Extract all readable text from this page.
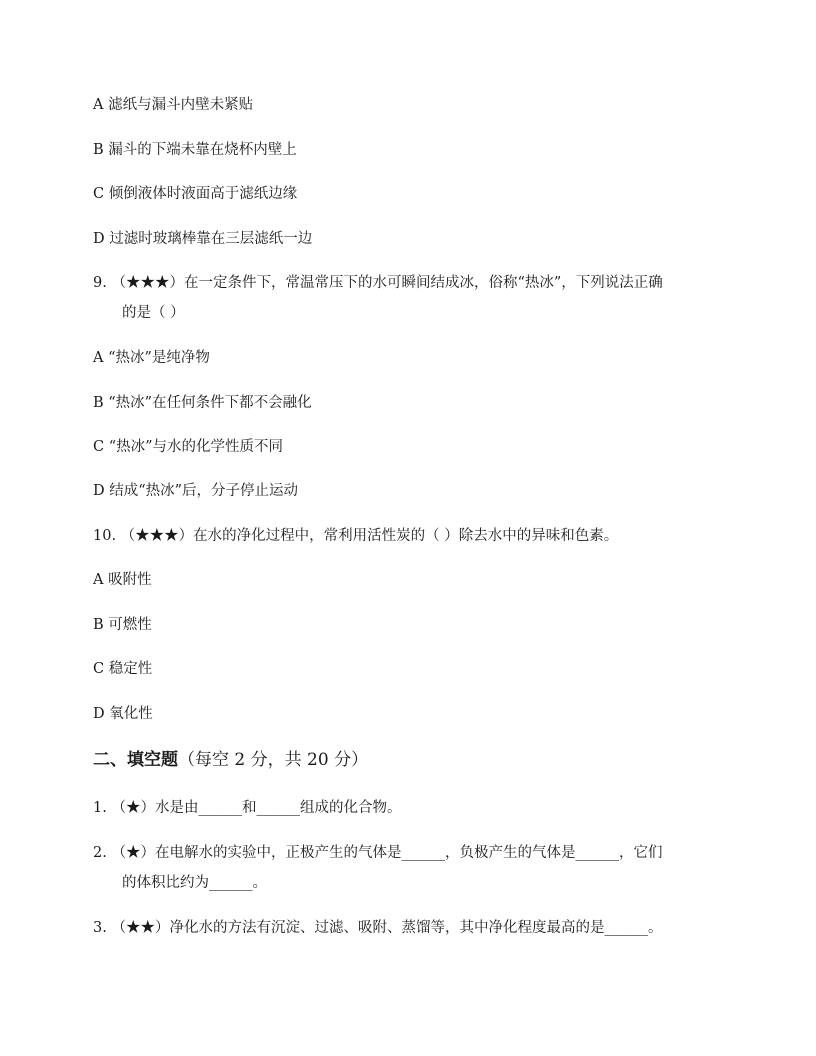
A 滤纸与漏斗内壁未紧贴
B 漏斗的下端未靠在烧杯内壁上
C 倾倒液体时液面高于滤纸边缘
D 过滤时玻璃棒靠在三层滤纸一边
9. （★★★）在一定条件下，常温常压下的水可瞬间结成冰，俗称“热冰”，下列说法正确
的是（ ）
A “热冰”是纯净物
B “热冰”在任何条件下都不会融化
C “热冰”与水的化学性质不同
D 结成“热冰”后，分子停止运动
10. （★★★）在水的净化过程中，常利用活性炭的（ ）除去水中的异味和色素。
A 吸附性
B 可燃性
C 稳定性
D 氧化性
二、填空题（每空 2 分，共 20 分）
1. （★）水是由______和______组成的化合物。
2. （★）在电解水的实验中，正极产生的气体是______，负极产生的气体是______，它们
的体积比约为______。
3. （★★）净化水的方法有沉淀、过滤、吸附、蒸馏等，其中净化程度最高的是______。
